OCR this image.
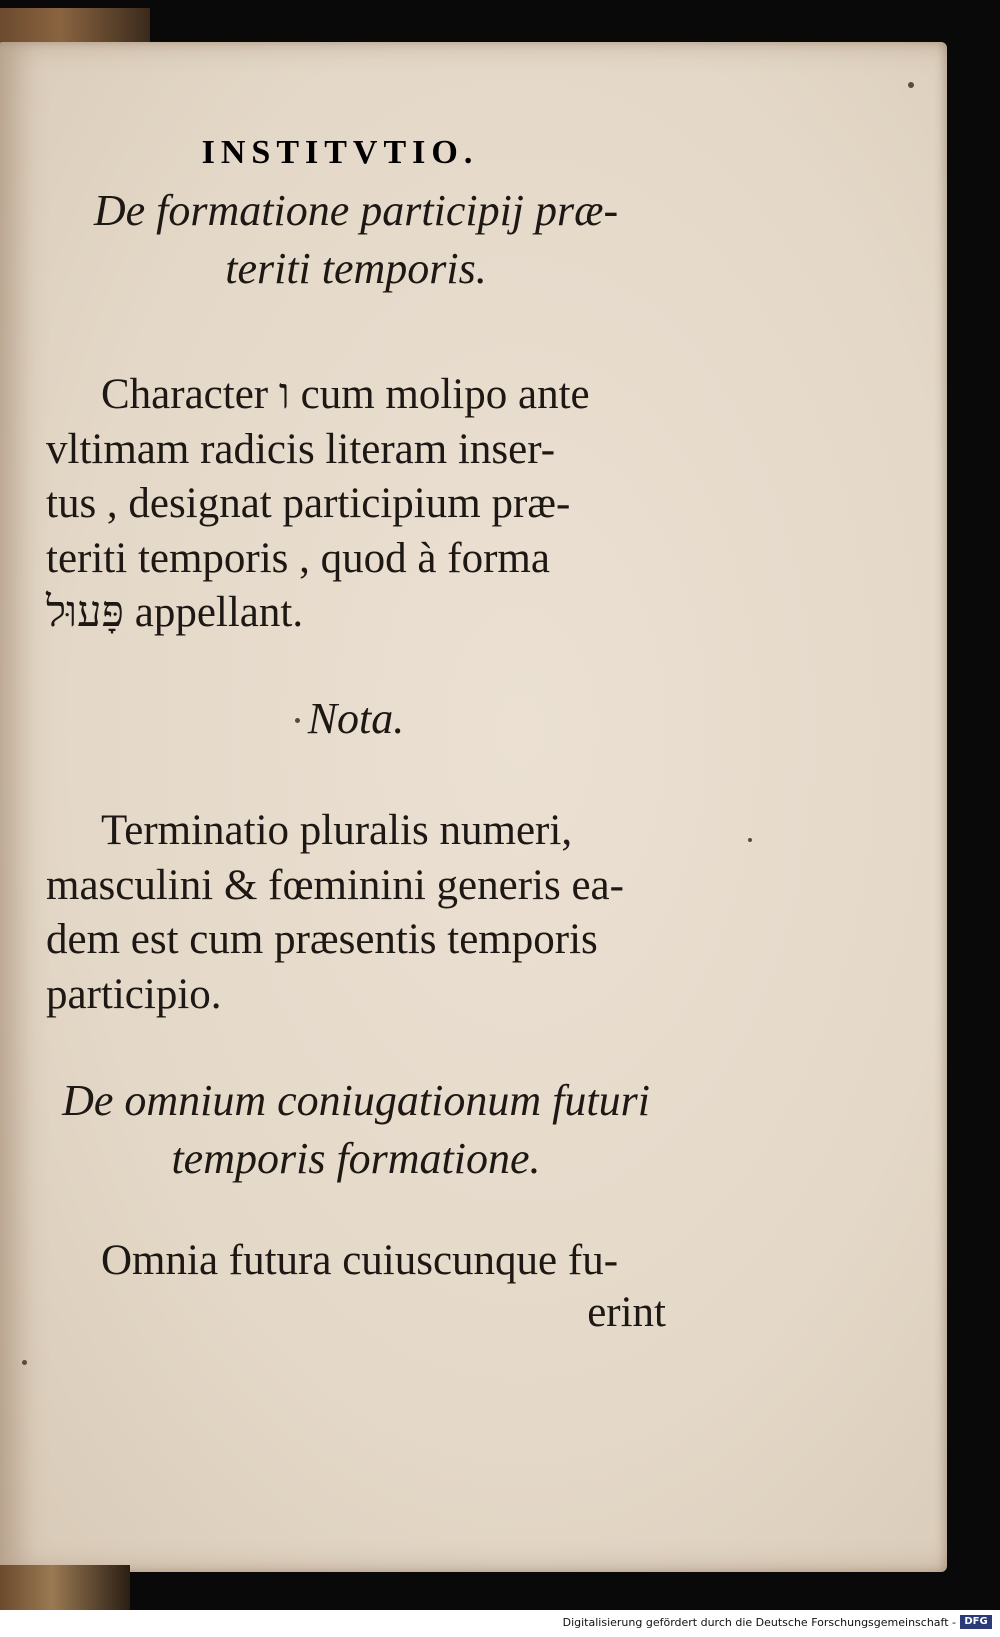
INSTITVTIO.
De formatione participij præ-
teriti temporis.
Character ו cum molipo ante
vltimam radicis literam inser-
tus , designat participium præ-
teriti temporis , quod à forma
פָּעוּל appellant.
Nota.
Terminatio pluralis numeri,
masculini & fœminini generis ea-
dem est cum præsentis temporis
participio.
De omnium coniugationum futuri
temporis formatione.
Omnia futura cuiuscunque fu-
erint
Digitalisierung gefördert durch die Deutsche Forschungsgemeinschaft - DFG
